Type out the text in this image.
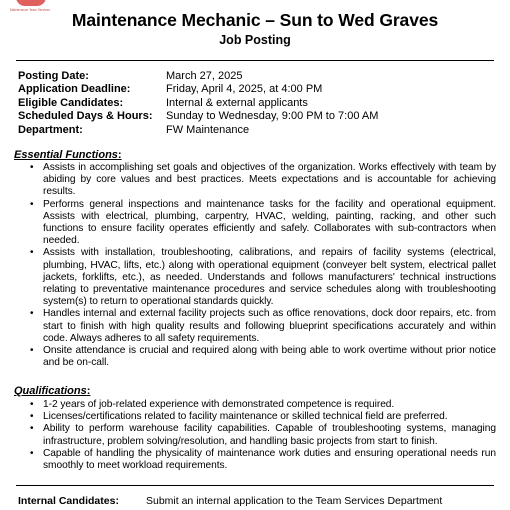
Maintenance Team Services	Maintenance Mechanic – Sun to Wed Graves
Job Posting
Posting Date:	March 27, 2025
Application Deadline:	Friday, April 4, 2025, at 4:00 PM
Eligible Candidates:	Internal & external applicants
Scheduled Days & Hours: Sunday to Wednesday, 9:00 PM to 7:00 AM
Department:	FW Maintenance
Essential Functions:
• Assists in accomplishing set goals and objectives of the organization. Works effectively with team by abiding by core values and best practices. Meets expectations and is accountable for achieving results.
• Performs general inspections and maintenance tasks for the facility and operational equipment. Assists with electrical, plumbing, carpentry, HVAC, welding, painting, racking, and other such functions to ensure facility operates efficiently and safely. Collaborates with sub-contractors when needed.
• Assists with installation, troubleshooting, calibrations, and repairs of facility systems (electrical, plumbing, HVAC, lifts, etc.) along with operational equipment (conveyer belt system, electrical pallet jackets, forklifts, etc.), as needed. Understands and follows manufacturers' technical instructions relating to preventative maintenance procedures and service schedules along with troubleshooting system(s) to return to operational standards quickly.
• Handles internal and external facility projects such as office renovations, dock door repairs, etc. from start to finish with high quality results and following blueprint specifications accurately and within code. Always adheres to all safety requirements.
• Onsite attendance is crucial and required along with being able to work overtime without prior notice and be on-call.
Qualifications:
• 1-2 years of job-related experience with demonstrated competence is required.
• Licenses/certifications related to facility maintenance or skilled technical field are preferred.
• Ability to perform warehouse facility capabilities. Capable of troubleshooting systems, managing infrastructure, problem solving/resolution, and handling basic projects from start to finish.
• Capable of handling the physicality of maintenance work duties and ensuring operational needs run smoothly to meet workload requirements.
Internal Candidates:	Submit an internal application to the Team Services Department
